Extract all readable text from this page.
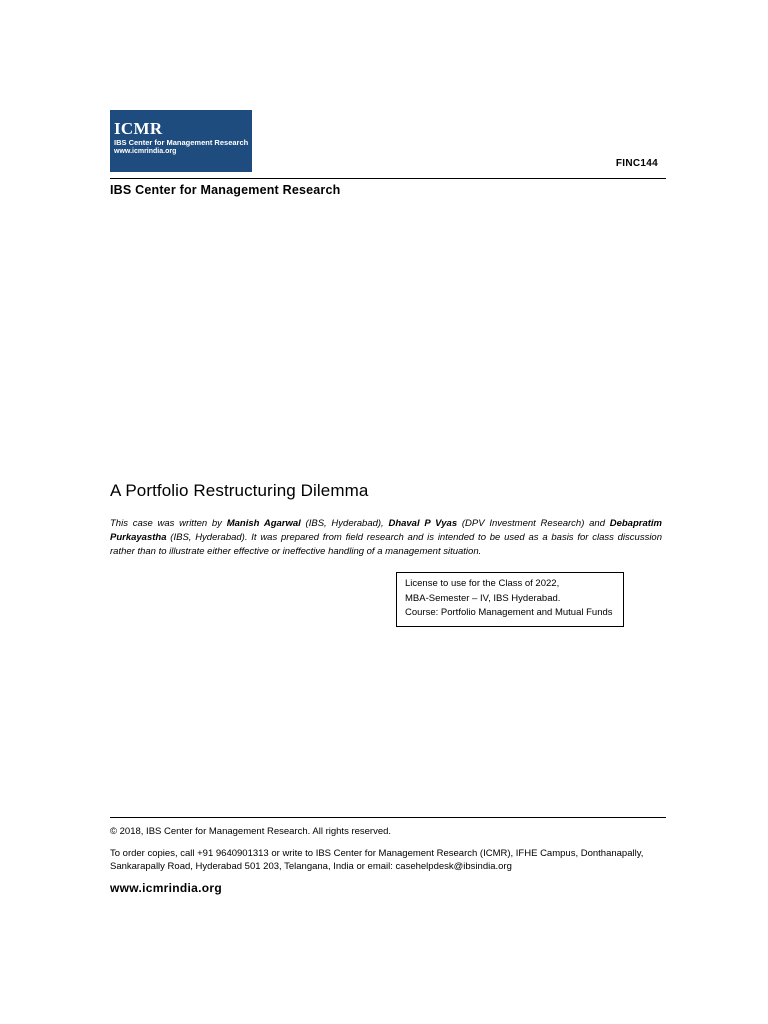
ICMR
IBS Center for Management Research
www.icmrindia.org
FINC144
IBS Center for Management Research
A Portfolio Restructuring Dilemma
This case was written by Manish Agarwal (IBS, Hyderabad), Dhaval P Vyas (DPV Investment Research) and Debapratim Purkayastha (IBS, Hyderabad). It was prepared from field research and is intended to be used as a basis for class discussion rather than to illustrate either effective or ineffective handling of a management situation.
License to use for the Class of 2022,
MBA-Semester – IV, IBS Hyderabad.
Course: Portfolio Management and Mutual Funds
© 2018, IBS Center for Management Research. All rights reserved.
To order copies, call +91 9640901313 or write to IBS Center for Management Research (ICMR), IFHE Campus, Donthanapally, Sankarapally Road, Hyderabad 501 203, Telangana, India or email: casehelpdesk@ibsindia.org
www.icmrindia.org
